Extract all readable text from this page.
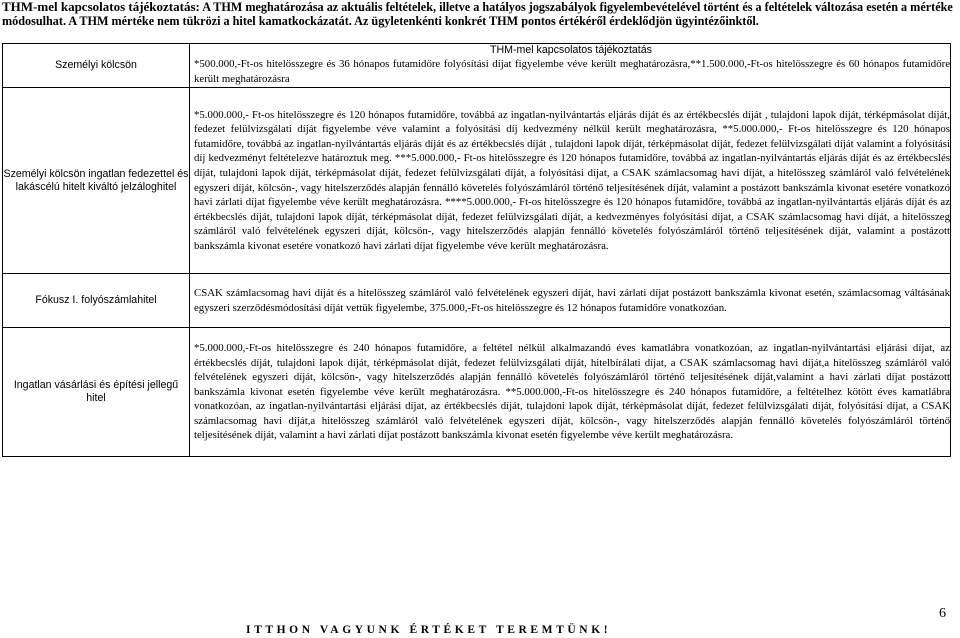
THM-mel kapcsolatos tájékoztatás: A THM meghatározása az aktuális feltételek, illetve a hatályos jogszabályok figyelembevételével történt és a feltételek változása esetén a mértéke módosulhat. A THM mértéke nem tükrözi a hitel kamatkockázatát. Az ügyletenkénti konkrét THM pontos értékéről érdeklődjön ügyintézőinktől.
Személyi kölcsön	THM-mel kapcsolatos tájékoztatás
*500.000,-Ft-os hitelösszegre és 36 hónapos futamidőre folyósítási díjat figyelembe véve került meghatározásra,**1.500.000,-Ft-os hitelösszegre és 60 hónapos futamidőre került meghatározásra

Személyi kölcsön ingatlan fedezettel és lakáscélú hitelt kiváltó jelzáloghitel	*5.000.000,- Ft-os hitelösszegre és 120 hónapos futamidőre, továbbá az ingatlan-nyilvántartás eljárás díját és az értékbecslés díját , tulajdoni lapok díját, térképmásolat díját, fedezet felülvizsgálati díját figyelembe véve valamint a folyósítási díj kedvezmény nélkül került meghatározásra, **5.000.000,- Ft-os hitelösszegre és 120 hónapos futamidőre, továbbá az ingatlan-nyilvántartás eljárás díját és az értékbecslés díját , tulajdoni lapok díját, térképmásolat díját, fedezet felülvizsgálati díját valamint a folyósítási díj kedvezményt feltételezve határoztuk meg. ***5.000.000,- Ft-os hitelösszegre és 120 hónapos futamidőre, továbbá az ingatlan-nyilvántartás eljárás díját és az értékbecslés díját, tulajdoni lapok díját, térképmásolat díját, fedezet felülvizsgálati díját, a folyósítási díjat, a CSAK számlacsomag havi díját, a hitelösszeg számláról való felvételének egyszeri díját, kölcsön-, vagy hitelszerződés alapján fennálló követelés folyószámláról történő teljesítésének díját, valamint a postázott bankszámla kivonat esetére vonatkozó havi zárlati díjat figyelembe véve került meghatározásra. ****5.000.000,- Ft-os hitelösszegre és 120 hónapos futamidőre, továbbá az ingatlan-nyilvántartás eljárás díját és az értékbecslés díját, tulajdoni lapok díját, térképmásolat díját, fedezet felülvizsgálati díját, a kedvezményes folyósítási díjat, a CSAK számlacsomag havi díját, a hitelösszeg számláról való felvételének egyszeri díját, kölcsön-, vagy hitelszerződés alapján fennálló követelés folyószámláról történő teljesítésének díját, valamint a postázott bankszámla kivonat esetére vonatkozó havi zárlati díjat figyelembe véve került meghatározásra.

Fókusz I. folyószámlahitel	CSAK számlacsomag havi díját és a hitelösszeg számláról való felvételének egyszeri díját, havi zárlati díjat postázott bankszámla kivonat esetén, számlacsomag váltásának egyszeri szerződésmódosítási díját vettük figyelembe, 375.000,-Ft-os hitelösszegre és 12 hónapos futamidőre vonatkozóan.

Ingatlan vásárlási és építési jellegű hitel	*5.000.000,-Ft-os hitelösszegre és 240 hónapos futamidőre, a feltétel nélkül alkalmazandó éves kamatlábra vonatkozóan, az ingatlan-nyilvántartási eljárási díjat, az értékbecslés díját, tulajdoni lapok díját, térképmásolat díját, fedezet felülvizsgálati díját, hitelbírálati díjat, a CSAK számlacsomag havi díját,a hitelösszeg számláról való felvételének egyszeri díját, kölcsön-, vagy hitelszerződés alapján fennálló követelés folyószámláról történő teljesítésének díját,valamint a havi zárlati díjat postázott bankszámla kivonat esetén figyelembe véve került meghatározásra. **5.000.000,-Ft-os hitelösszegre és 240 hónapos futamidőre, a feltételhez kötött éves kamatlábra vonatkozóan, az ingatlan-nyilvántartási eljárási díjat, az értékbecslés díját, tulajdoni lapok díját, térképmásolat díját, fedezet felülvizsgálati díját, folyósítási díjat, a CSAK számlacsomag havi díját,a hitelösszeg számláról való felvételének egyszeri díját, kölcsön-, vagy hitelszerződés alapján fennálló követelés folyószámláról történő teljesítésének díját, valamint a havi zárlati díjat postázott bankszámla kivonat esetén figyelembe véve került meghatározásra.
ITTHON VAGYUNK ÉRTÉKET TEREMTÜNK!
6
